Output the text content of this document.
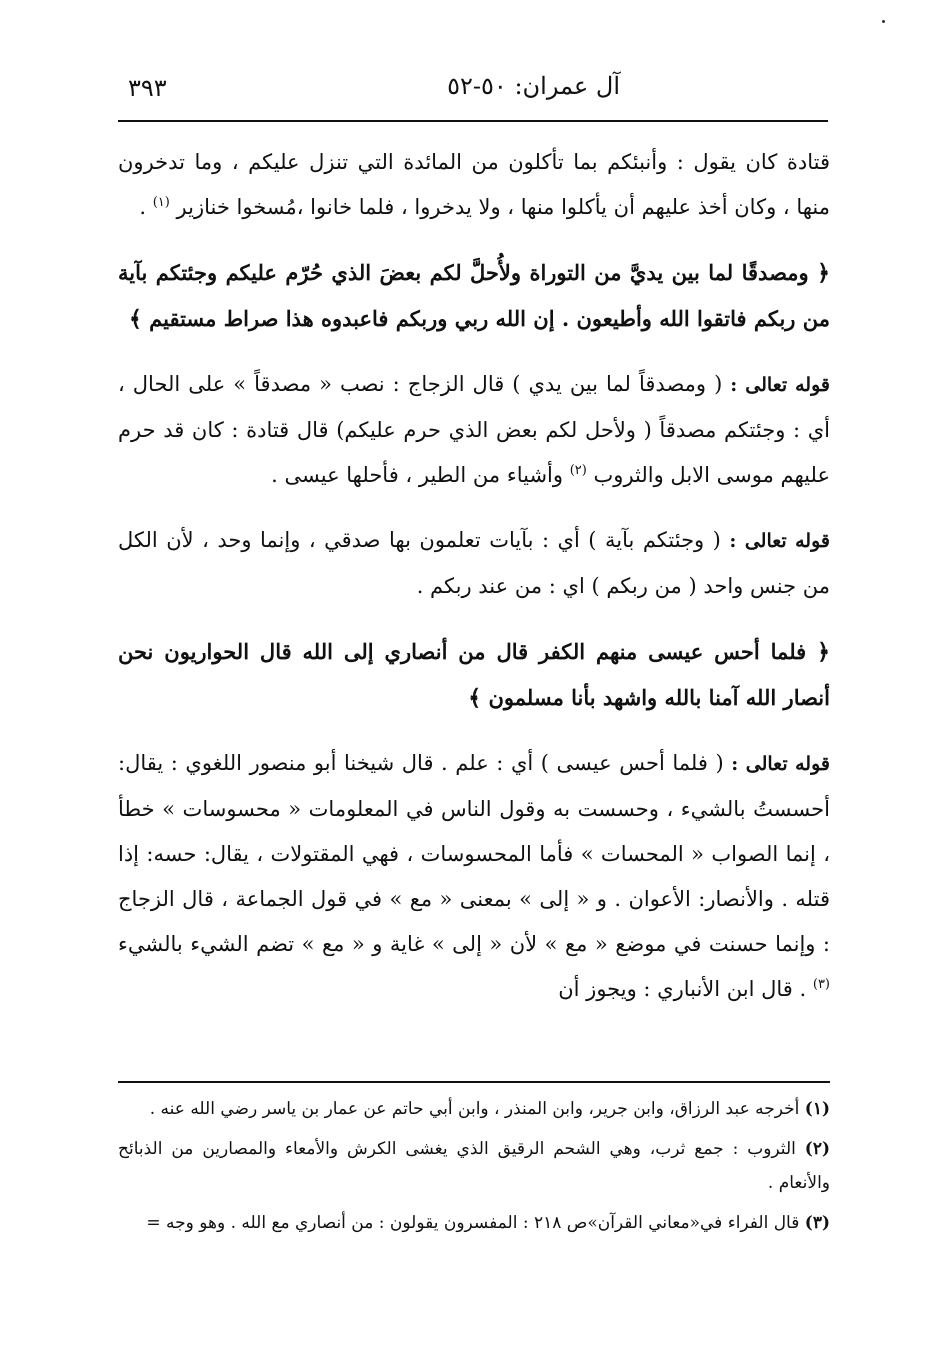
٣٩٣	آل عمران: ٥٠-٥٢

قتادة كان يقول : وأنبئكم بما تأكلون من المائدة التي تنزل عليكم ، وما تدخرون منها ، وكان أخذ عليهم أن يأكلوا منها ، ولا يدخروا ، فلما خانوا ،مُسخوا خنازير $^{(١)}$ .

﴿ ومصدقًا لما بين يديَّ من التوراة ولأُحلَّ لكم بعضَ الذي حُرّم عليكم وجئتكم بآية من ربكم فاتقوا الله وأطيعون . إن الله ربي وربكم فاعبدوه هذا صراط مستقيم ﴾

قوله تعالى : ( ومصدقاً لما بين يدي ) قال الزجاج : نصب « مصدقاً » على الحال ، أي : وجئتكم مصدقاً ( ولأحل لكم بعض الذي حرم عليكم) قال قتادة : كان قد حرم عليهم موسى الابل والثروب $^{(٢)}$ وأشياء من الطير ، فأحلها عيسى .

قوله تعالى : ( وجئتكم بآية ) أي : بآيات تعلمون بها صدقي ، وإنما وحد ، لأن الكل من جنس واحد ( من ربكم ) اي : من عند ربكم .

﴿ فلما أحس عيسى منهم الكفر قال من أنصاري إلى الله قال الحواريون نحن أنصار الله آمنا بالله واشهد بأنا مسلمون ﴾

قوله تعالى : ( فلما أحس عيسى ) أي : علم . قال شيخنا أبو منصور اللغوي : يقال: أحسستُ بالشيء ، وحسست به وقول الناس في المعلومات « محسوسات » خطأ ، إنما الصواب « المحسات » فأما المحسوسات ، فهي المقتولات ، يقال: حسه: إذا قتله . والأنصار: الأعوان . و « إلى » بمعنى « مع » في قول الجماعة ، قال الزجاج : وإنما حسنت في موضع « مع » لأن « إلى » غاية و « مع » تضم الشيء بالشيء $^{(٣)}$ . قال ابن الأنباري : ويجوز أن

(١) أخرجه عبد الرزاق، وابن جرير، وابن المنذر ، وابن أبي حاتم عن عمار بن ياسر رضي الله عنه .

(٢) الثروب : جمع ثرب، وهي الشحم الرقيق الذي يغشى الكرش والأمعاء والمصارين من الذبائح والأنعام .

(٣) قال الفراء في«معاني القرآن»ص ٢١٨ : المفسرون يقولون : من أنصاري مع الله . وهو وجه =
